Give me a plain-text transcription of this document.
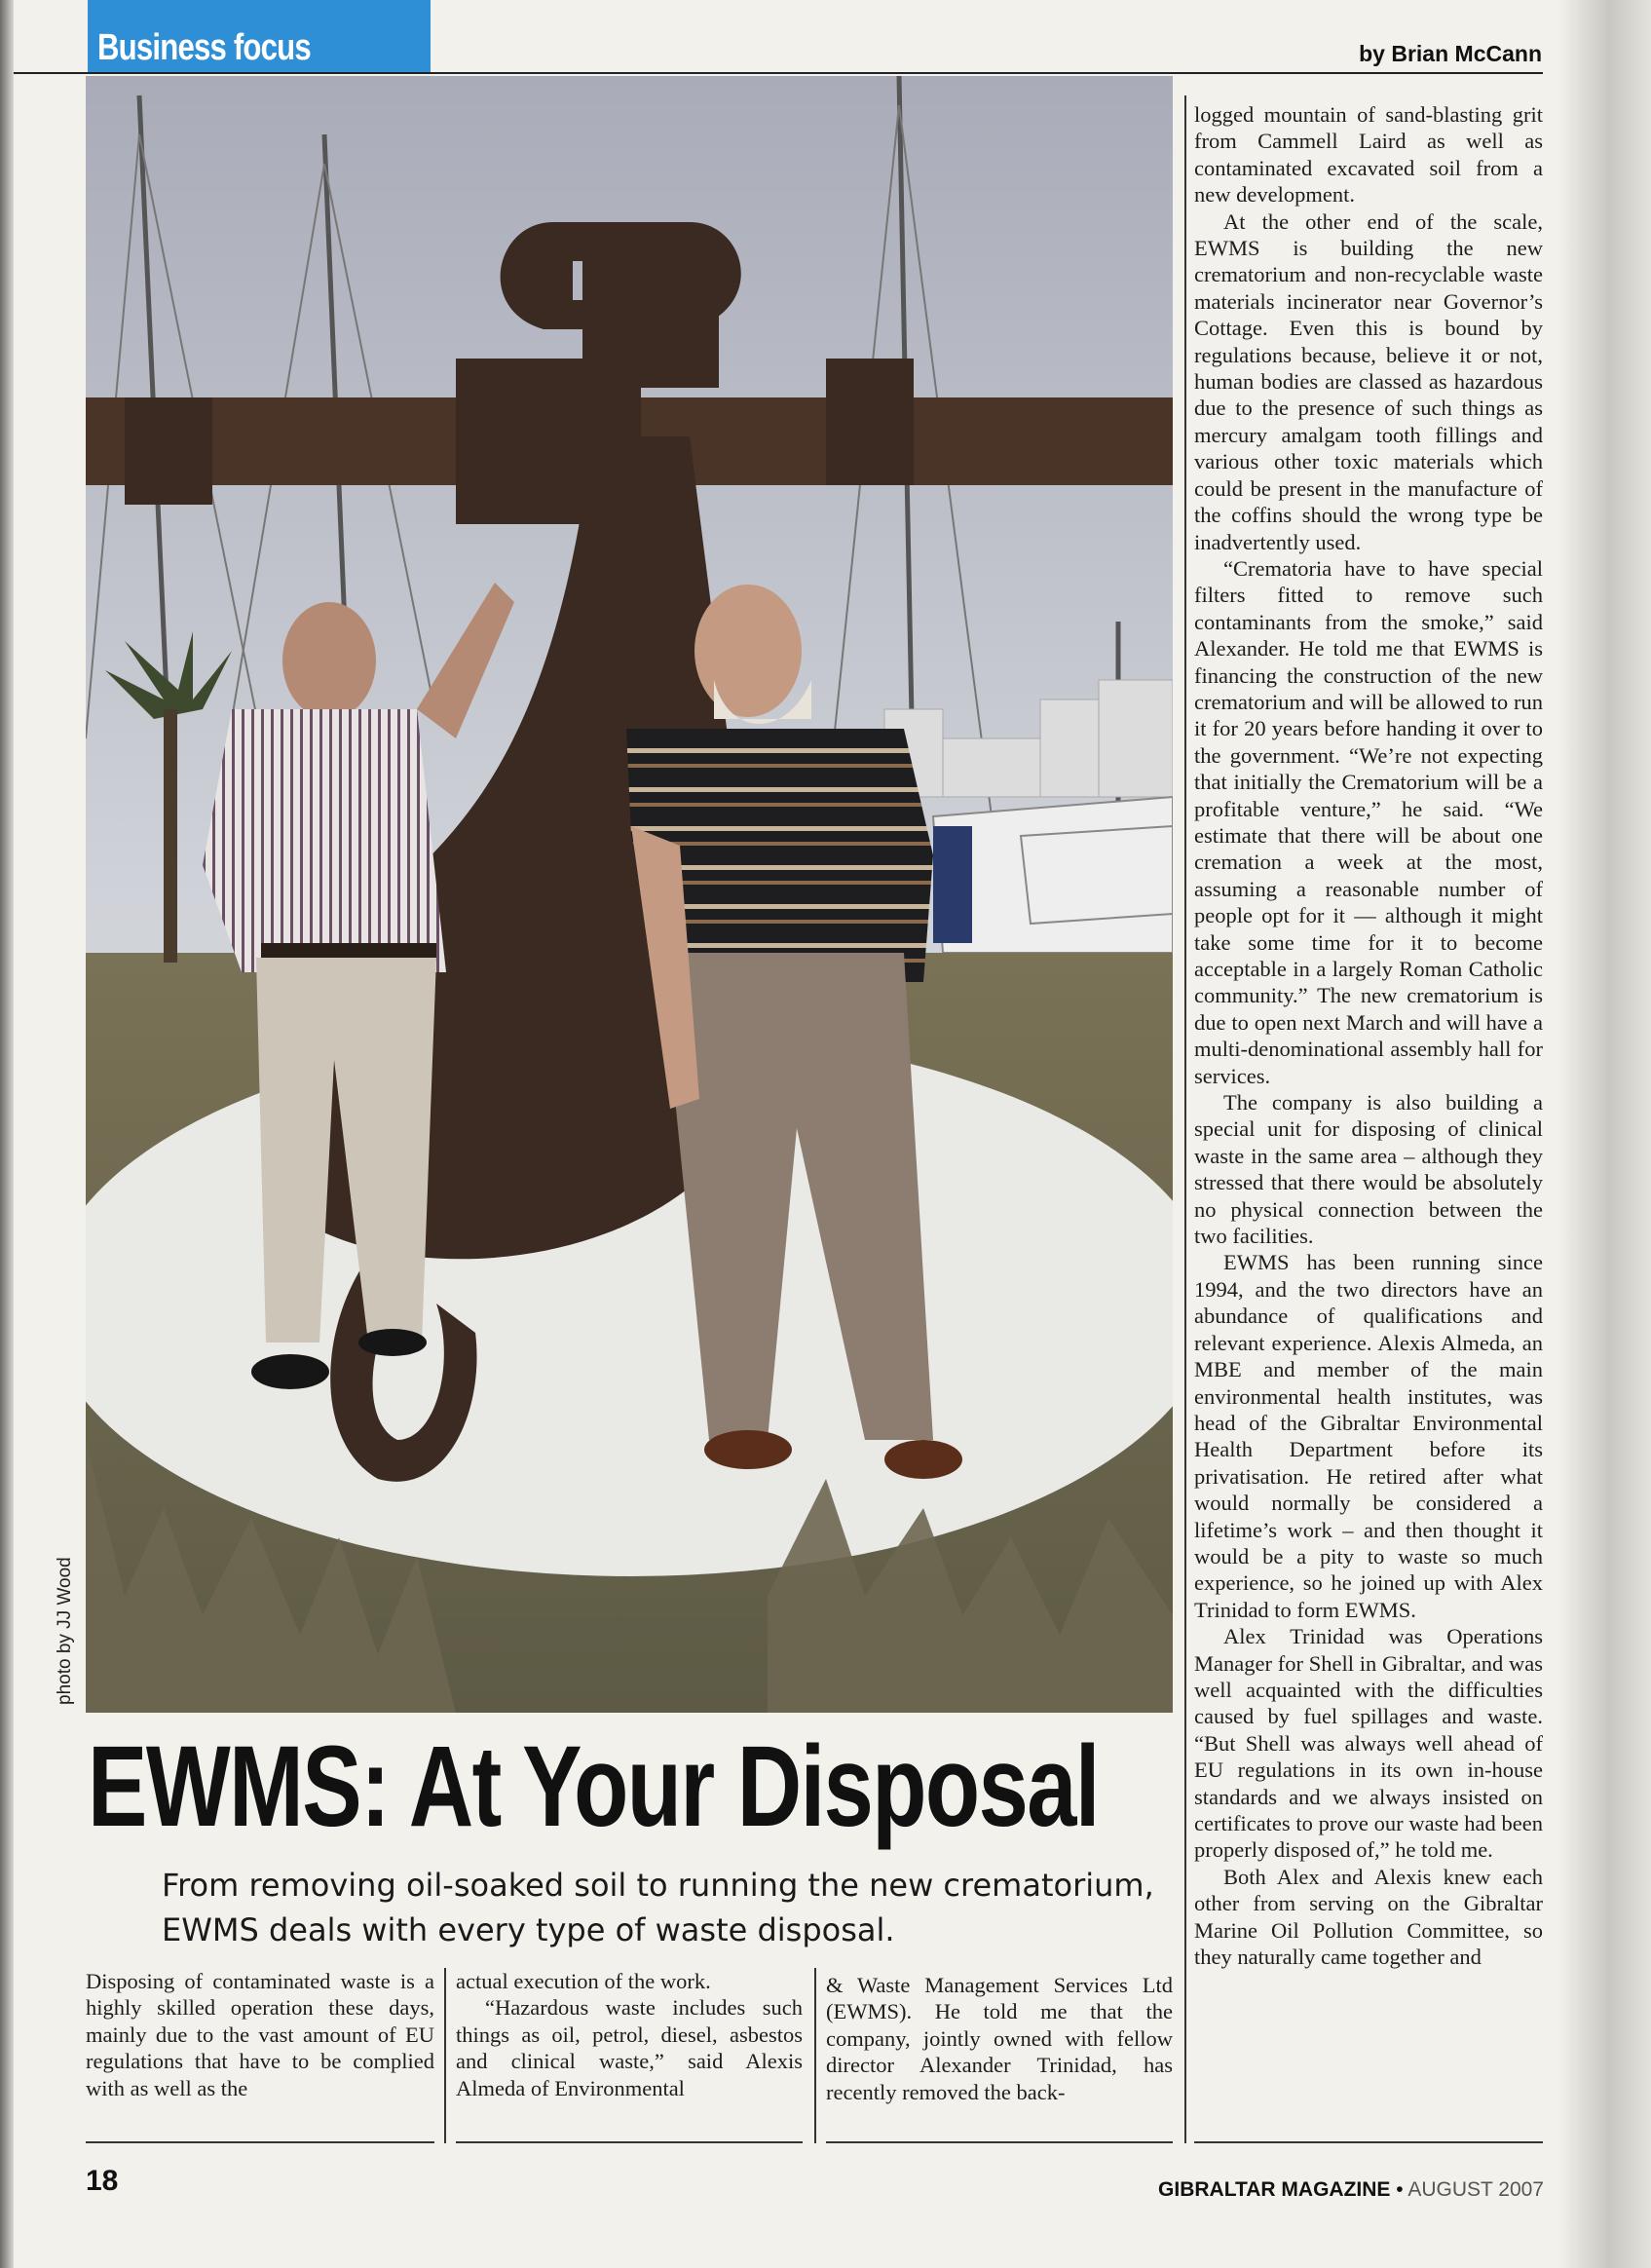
Business focus	by Brian McCann
photo by JJ Wood
EWMS: At Your Disposal

From removing oil-soaked soil to running the new crematorium, EWMS deals with every type of waste disposal.

Disposing of contaminated waste is a highly skilled operation these days, mainly due to the vast amount of EU regulations that have to be complied with as well as the

actual execution of the work.

“Hazardous waste includes such things as oil, petrol, diesel, asbestos and clinical waste,” said Alexis Almeda of Environmental

& Waste Management Services Ltd (EWMS). He told me that the company, jointly owned with fellow director Alexander Trinidad, has recently removed the back-

logged mountain of sand-blasting grit from Cammell Laird as well as contaminated excavated soil from a new development.

At the other end of the scale, EWMS is building the new crematorium and non-recyclable waste materials incinerator near Governor’s Cottage. Even this is bound by regulations because, believe it or not, human bodies are classed as hazardous due to the presence of such things as mercury amalgam tooth fillings and various other toxic materials which could be present in the manufacture of the coffins should the wrong type be inadvertently used.

“Crematoria have to have special filters fitted to remove such contaminants from the smoke,” said Alexander. He told me that EWMS is financing the construction of the new crematorium and will be allowed to run it for 20 years before handing it over to the government. “We’re not expecting that initially the Crematorium will be a profitable venture,” he said. “We estimate that there will be about one cremation a week at the most, assuming a reasonable number of people opt for it — although it might take some time for it to become acceptable in a largely Roman Catholic community.” The new crematorium is due to open next March and will have a multi-denominational assembly hall for services.

The company is also building a special unit for disposing of clinical waste in the same area – although they stressed that there would be absolutely no physical connection between the two facilities.

EWMS has been running since 1994, and the two directors have an abundance of qualifications and relevant experience. Alexis Almeda, an MBE and member of the main environmental health institutes, was head of the Gibraltar Environmental Health Department before its privatisation. He retired after what would normally be considered a lifetime’s work – and then thought it would be a pity to waste so much experience, so he joined up with Alex Trinidad to form EWMS.

Alex Trinidad was Operations Manager for Shell in Gibraltar, and was well acquainted with the difficulties caused by fuel spillages and waste. “But Shell was always well ahead of EU regulations in its own in-house standards and we always insisted on certificates to prove our waste had been properly disposed of,” he told me.

Both Alex and Alexis knew each other from serving on the Gibraltar Marine Oil Pollution Committee, so they naturally came together and

18	GIBRALTAR MAGAZINE • AUGUST 2007
